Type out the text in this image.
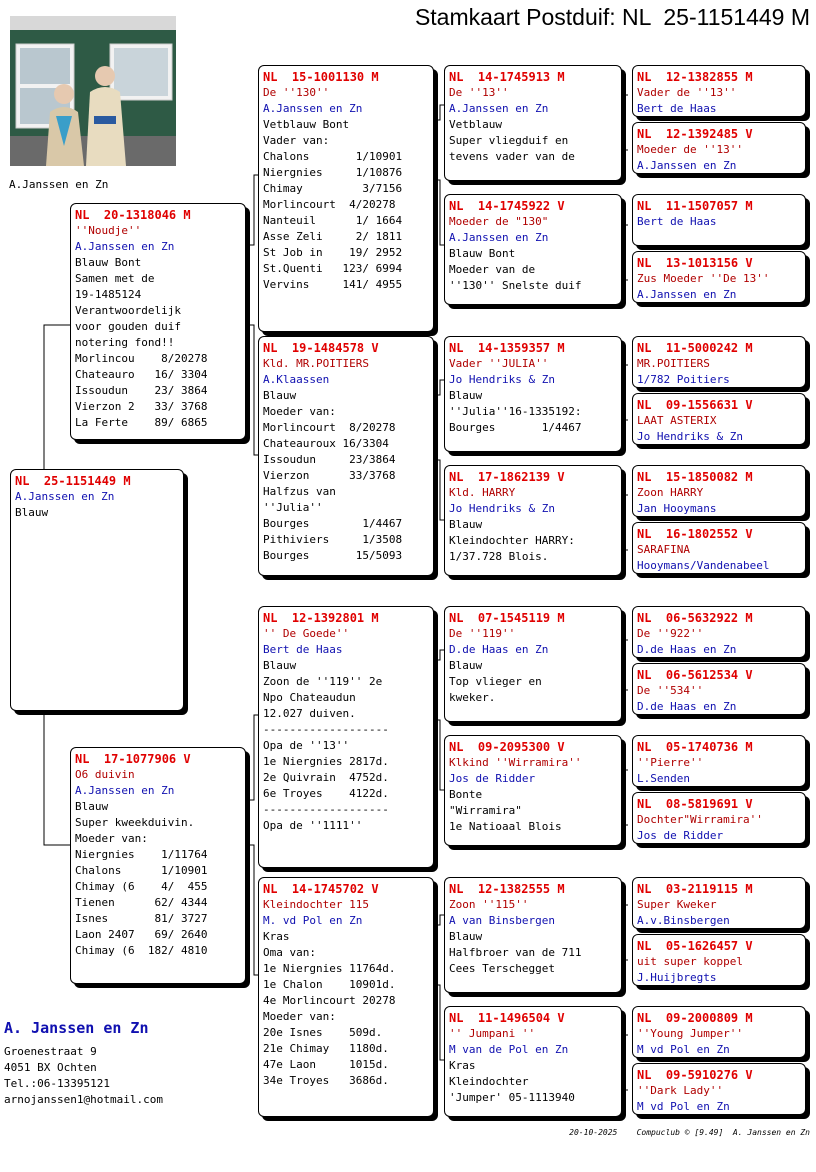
Stamkaart Postduif: NL  25-1151449 M
A.Janssen en Zn
NL  25-1151449 M
A.Janssen en Zn
Blauw
NL  20-1318046 M
''Noudje''
A.Janssen en Zn
Blauw Bont
Samen met de
19-1485124
Verantwoordelijk
voor gouden duif
notering fond!!
Morlincou    8/20278
Chateauro   16/ 3304
Issoudun    23/ 3864
Vierzon 2   33/ 3768
La Ferte    89/ 6865
NL  17-1077906 V
O6 duivin
A.Janssen en Zn
Blauw
Super kweekduivin.
Moeder van:
Niergnies    1/11764
Chalons      1/10901
Chimay (6    4/  455
Tienen      62/ 4344
Isnes       81/ 3727
Laon 2407   69/ 2640
Chimay (6  182/ 4810
NL  15-1001130 M
De ''130''
A.Janssen en Zn
Vetblauw Bont
Vader van:
Chalons       1/10901
Niergnies     1/10876
Chimay         3/7156
Morlincourt  4/20278
Nanteuil      1/ 1664
Asse Zeli     2/ 1811
St Job in    19/ 2952
St.Quenti   123/ 6994
Vervins     141/ 4955
NL  19-1484578 V
Kld. MR.POITIERS
A.Klaassen
Blauw
Moeder van:
Morlincourt  8/20278
Chateauroux 16/3304
Issoudun     23/3864
Vierzon      33/3768
Halfzus van
''Julia''
Bourges        1/4467
Pithiviers     1/3508
Bourges       15/5093
NL  12-1392801 M
'' De Goede''
Bert de Haas
Blauw
Zoon de ''119'' 2e
Npo Chateaudun
12.027 duiven.
-------------------
Opa de ''13''
1e Niergnies 2817d.
2e Quivrain  4752d.
6e Troyes    4122d.
-------------------
Opa de ''1111''
NL  14-1745702 V
Kleindochter 115
M. vd Pol en Zn
Kras
Oma van:
1e Niergnies 11764d.
1e Chalon    10901d.
4e Morlincourt 20278
Moeder van:
20e Isnes    509d.
21e Chimay   1180d.
47e Laon     1015d.
34e Troyes   3686d.
NL  14-1745913 M
De ''13''
A.Janssen en Zn
Vetblauw
Super vliegduif en
tevens vader van de
NL  14-1745922 V
Moeder de "130"
A.Janssen en Zn
Blauw Bont
Moeder van de
''130'' Snelste duif
NL  14-1359357 M
Vader ''JULIA''
Jo Hendriks & Zn
Blauw
''Julia''16-1335192:
Bourges       1/4467
NL  17-1862139 V
Kld. HARRY
Jo Hendriks & Zn
Blauw
Kleindochter HARRY:
1/37.728 Blois.
NL  07-1545119 M
De ''119''
D.de Haas en Zn
Blauw
Top vlieger en
kweker.
NL  09-2095300 V
Klkind ''Wirramira''
Jos de Ridder
Bonte
"Wirramira"
1e Natioaal Blois
NL  12-1382555 M
Zoon ''115''
A van Binsbergen
Blauw
Halfbroer van de 711
Cees Terschegget
NL  11-1496504 V
'' Jumpani ''
M van de Pol en Zn
Kras
Kleindochter
'Jumper' 05-1113940
NL  12-1382855 M
Vader de ''13''
Bert de Haas
NL  12-1392485 V
Moeder de ''13''
A.Janssen en Zn
NL  11-1507057 M
Bert de Haas
NL  13-1013156 V
Zus Moeder ''De 13''
A.Janssen en Zn
NL  11-5000242 M
MR.POITIERS
1/782 Poitiers
NL  09-1556631 V
LAAT ASTERIX
Jo Hendriks & Zn
NL  15-1850082 M
Zoon HARRY
Jan Hooymans
NL  16-1802552 V
SARAFINA
Hooymans/Vandenabeel
NL  06-5632922 M
De ''922''
D.de Haas en Zn
NL  06-5612534 V
De ''534''
D.de Haas en Zn
NL  05-1740736 M
''Pierre''
L.Senden
NL  08-5819691 V
Dochter"Wirramira''
Jos de Ridder
NL  03-2119115 M
Super Kweker
A.v.Binsbergen
NL  05-1626457 V
uit super koppel
J.Huijbregts
NL  09-2000809 M
''Young Jumper''
M vd Pol en Zn
NL  09-5910276 V
''Dark Lady''
M vd Pol en Zn
A. Janssen en Zn
Groenestraat 9
4051 BX Ochten
Tel.:06-13395121
arnojanssen1@hotmail.com
20-10-2025    Compuclub © [9.49]  A. Janssen en Zn
